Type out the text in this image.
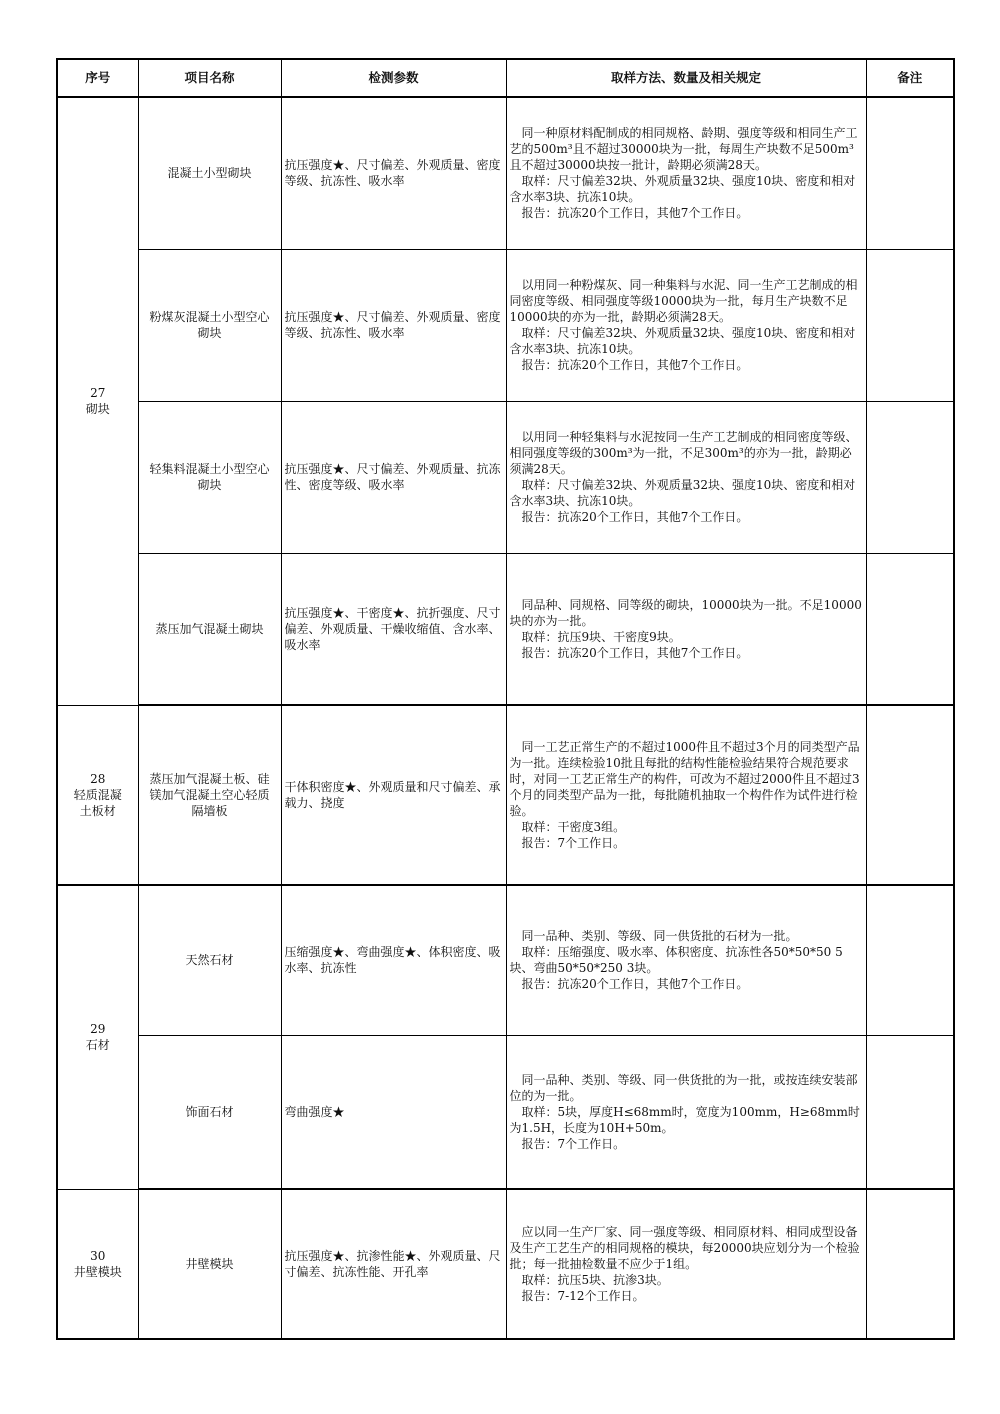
序号	项目名称	检测参数	取样方法、数量及相关规定	备注

27
砌块	混凝土小型砌块	抗压强度★、尺寸偏差、外观质量、密度等级、抗冻性、吸水率	　同一种原材料配制成的相同规格、龄期、强度等级和相同生产工艺的500m³且不超过30000块为一批，每周生产块数不足500m³且不超过30000块按一批计，龄期必须满28天。
　取样：尺寸偏差32块、外观质量32块、强度10块、密度和相对含水率3块、抗冻10块。
　报告：抗冻20个工作日，其他7个工作日。	

	粉煤灰混凝土小型空心砌块	抗压强度★、尺寸偏差、外观质量、密度等级、抗冻性、吸水率	　以用同一种粉煤灰、同一种集料与水泥、同一生产工艺制成的相同密度等级、相同强度等级10000块为一批，每月生产块数不足10000块的亦为一批，龄期必须满28天。
　取样：尺寸偏差32块、外观质量32块、强度10块、密度和相对含水率3块、抗冻10块。
　报告：抗冻20个工作日，其他7个工作日。	

	轻集料混凝土小型空心砌块	抗压强度★、尺寸偏差、外观质量、抗冻性、密度等级、吸水率	　以用同一种轻集料与水泥按同一生产工艺制成的相同密度等级、相同强度等级的300m³为一批，不足300m³的亦为一批，龄期必须满28天。
　取样：尺寸偏差32块、外观质量32块、强度10块、密度和相对含水率3块、抗冻10块。
　报告：抗冻20个工作日，其他7个工作日。	

	蒸压加气混凝土砌块	抗压强度★、干密度★、抗折强度、尺寸偏差、外观质量、干燥收缩值、含水率、吸水率	　同品种、同规格、同等级的砌块，10000块为一批。不足10000块的亦为一批。
　取样：抗压9块、干密度9块。
　报告：抗冻20个工作日，其他7个工作日。	

28
轻质混凝土板材	蒸压加气混凝土板、硅镁加气混凝土空心轻质隔墙板	干体积密度★、外观质量和尺寸偏差、承载力、挠度	　同一工艺正常生产的不超过1000件且不超过3个月的同类型产品为一批。连续检验10批且每批的结构性能检验结果符合规范要求时，对同一工艺正常生产的构件，可改为不超过2000件且不超过3个月的同类型产品为一批，每批随机抽取一个构件作为试件进行检验。
　取样：干密度3组。
　报告：7个工作日。	

29
石材	天然石材	压缩强度★、弯曲强度★、体积密度、吸水率、抗冻性	　同一品种、类别、等级、同一供货批的石材为一批。
　取样：压缩强度、吸水率、体积密度、抗冻性各50*50*50 5块、弯曲50*50*250 3块。
　报告：抗冻20个工作日，其他7个工作日。	

	饰面石材	弯曲强度★	　同一品种、类别、等级、同一供货批的为一批，或按连续安装部位的为一批。
　取样：5块，厚度H≤68mm时，宽度为100mm，H≥68mm时为1.5H，长度为10H+50m。
　报告：7个工作日。	

30
井壁模块	井壁模块	抗压强度★、抗渗性能★、外观质量、尺寸偏差、抗冻性能、开孔率	　应以同一生产厂家、同一强度等级、相同原材料、相同成型设备及生产工艺生产的相同规格的模块，每20000块应划分为一个检验批；每一批抽检数量不应少于1组。
　取样：抗压5块、抗渗3块。
　报告：7-12个工作日。	
